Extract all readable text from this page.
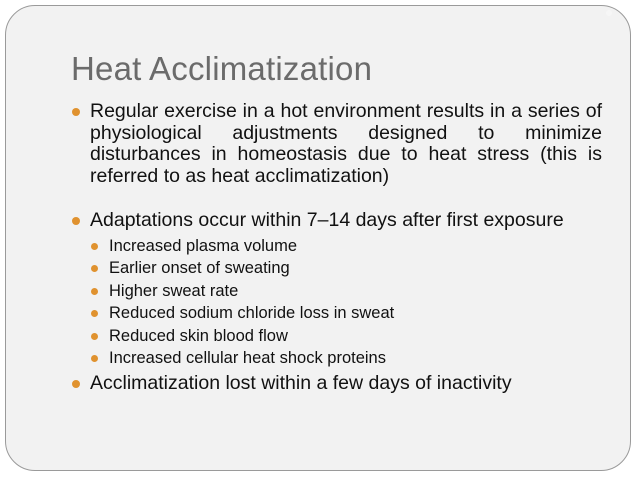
Heat Acclimatization
Regular exercise in a hot environment results in a series of physiological adjustments designed to minimize disturbances in homeostasis due to heat stress (this is referred to as heat acclimatization)
Adaptations occur within 7–14 days after first exposure
Increased plasma volume
Earlier onset of sweating
Higher sweat rate
Reduced sodium chloride loss in sweat
Reduced skin blood flow
Increased cellular heat shock proteins
Acclimatization lost within a few days of inactivity
